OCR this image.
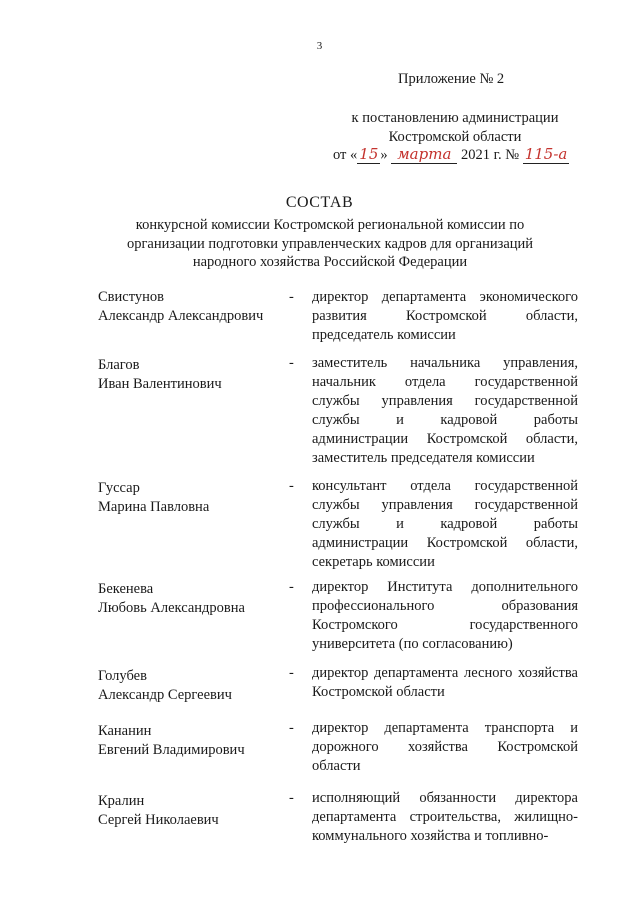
3
Приложение № 2
к постановлению администрации
Костромской области
от « 15 » марта 2021 г. № 115-а
СОСТАВ
конкурсной комиссии Костромской региональной комиссии по организации подготовки управленческих кадров для организаций народного хозяйства Российской Федерации
Свистунов
Александр Александрович
- директор департамента экономического развития Костромской области, председатель комиссии
Благов
Иван Валентинович
- заместитель начальника управления, начальник отдела государственной службы управления государственной службы и кадровой работы администрации Костромской области, заместитель председателя комиссии
Гуссар
Марина Павловна
- консультант отдела государственной службы управления государственной службы и кадровой работы администрации Костромской области, секретарь комиссии
Бекенева
Любовь Александровна
- директор Института дополнительного профессионального образования Костромского государственного университета (по согласованию)
Голубев
Александр Сергеевич
- директор департамента лесного хозяйства Костромской области
Кананин
Евгений Владимирович
- директор департамента транспорта и дорожного хозяйства Костромской области
Кралин
Сергей Николаевич
- исполняющий обязанности директора департамента строительства, жилищно-коммунального хозяйства и топливно-
